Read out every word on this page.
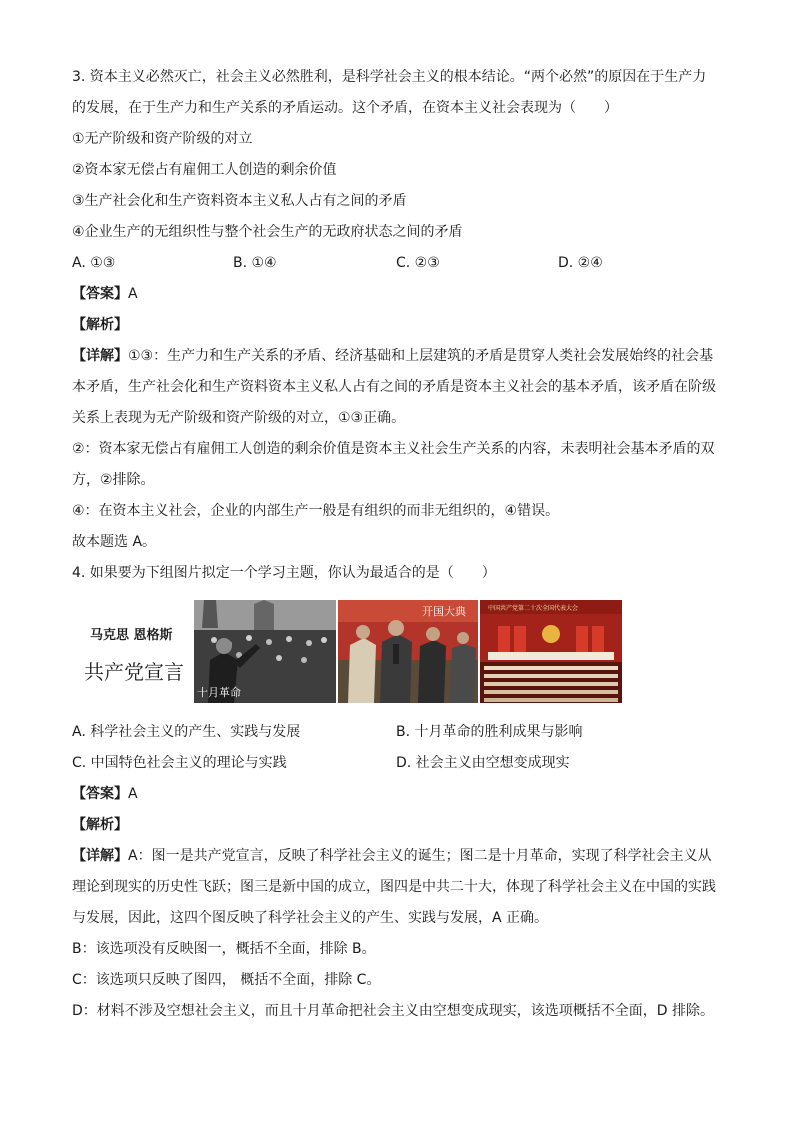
3. 资本主义必然灭亡，社会主义必然胜利，是科学社会主义的根本结论。“两个必然”的原因在于生产力
的发展，在于生产力和生产关系的矛盾运动。这个矛盾，在资本主义社会表现为（　　）
①无产阶级和资产阶级的对立
②资本家无偿占有雇佣工人创造的剩余价值
③生产社会化和生产资料资本主义私人占有之间的矛盾
④企业生产的无组织性与整个社会生产的无政府状态之间的矛盾
A. ①③	B. ①④	C. ②③	D. ②④
【答案】A
【解析】
【详解】①③：生产力和生产关系的矛盾、经济基础和上层建筑的矛盾是贯穿人类社会发展始终的社会基
本矛盾，生产社会化和生产资料资本主义私人占有之间的矛盾是资本主义社会的基本矛盾，该矛盾在阶级
关系上表现为无产阶级和资产阶级的对立，①③正确。
②：资本家无偿占有雇佣工人创造的剩余价值是资本主义社会生产关系的内容，未表明社会基本矛盾的双
方，②排除。
④：在资本主义社会，企业的内部生产一般是有组织的而非无组织的，④错误。
故本题选 A。
4. 如果要为下组图片拟定一个学习主题，你认为最适合的是（　　）
马克思 恩格斯
共产党宣言
十月革命
开国大典	中国共产党第二十次全国代表大会
A. 科学社会主义的产生、实践与发展	B. 十月革命的胜利成果与影响
C. 中国特色社会主义的理论与实践	D. 社会主义由空想变成现实
【答案】A
【解析】
【详解】A：图一是共产党宣言，反映了科学社会主义的诞生；图二是十月革命，实现了科学社会主义从
理论到现实的历史性飞跃；图三是新中国的成立，图四是中共二十大，体现了科学社会主义在中国的实践
与发展，因此，这四个图反映了科学社会主义的产生、实践与发展，A 正确。
B：该选项没有反映图一，概括不全面，排除 B。
C：该选项只反映了图四， 概括不全面，排除 C。
D：材料不涉及空想社会主义，而且十月革命把社会主义由空想变成现实，该选项概括不全面，D 排除。
